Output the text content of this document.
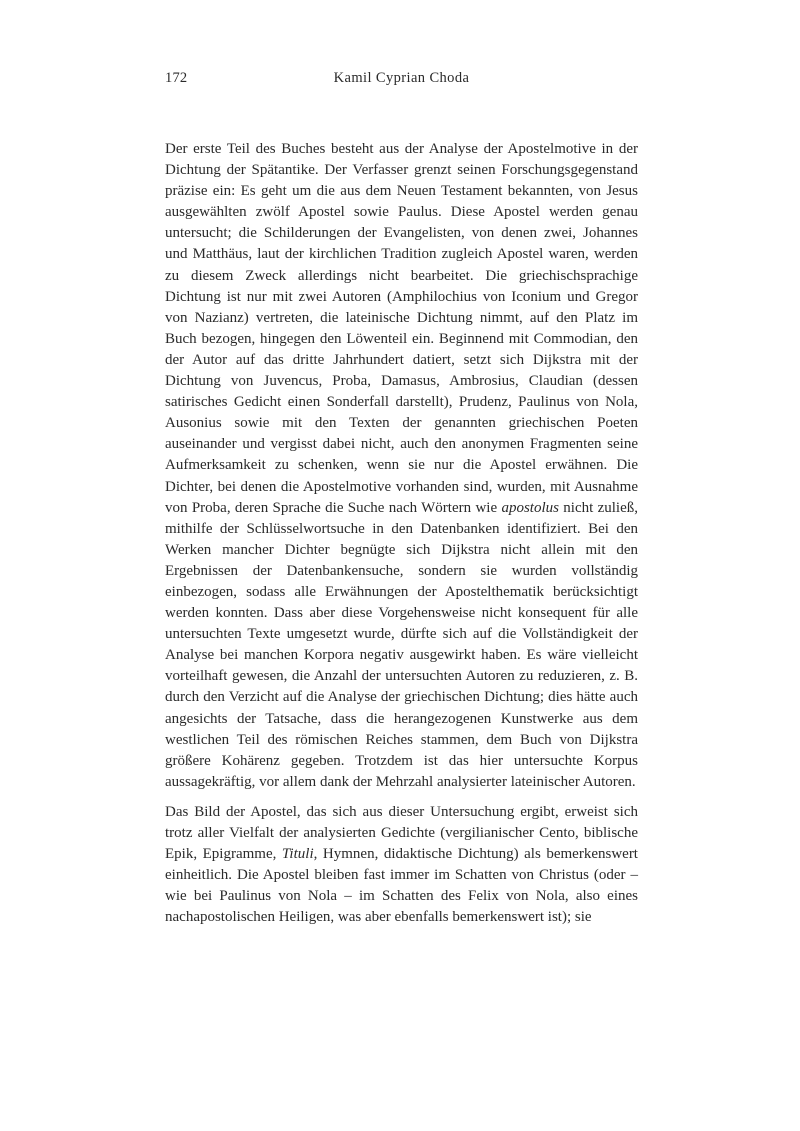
172	Kamil Cyprian Choda

Der erste Teil des Buches besteht aus der Analyse der Apostelmotive in der Dichtung der Spätantike. Der Verfasser grenzt seinen Forschungsgegenstand präzise ein: Es geht um die aus dem Neuen Testament bekannten, von Jesus ausgewählten zwölf Apostel sowie Paulus. Diese Apostel werden genau untersucht; die Schilderungen der Evangelisten, von denen zwei, Johannes und Matthäus, laut der kirchlichen Tradition zugleich Apostel waren, werden zu diesem Zweck allerdings nicht bearbeitet. Die griechischsprachige Dichtung ist nur mit zwei Autoren (Amphilochius von Iconium und Gregor von Nazianz) vertreten, die lateinische Dichtung nimmt, auf den Platz im Buch bezogen, hingegen den Löwenteil ein. Beginnend mit Commodian, den der Autor auf das dritte Jahrhundert datiert, setzt sich Dijkstra mit der Dichtung von Juvencus, Proba, Damasus, Ambrosius, Claudian (dessen satirisches Gedicht einen Sonderfall darstellt), Prudenz, Paulinus von Nola, Ausonius sowie mit den Texten der genannten griechischen Poeten auseinander und vergisst dabei nicht, auch den anonymen Fragmenten seine Aufmerksamkeit zu schenken, wenn sie nur die Apostel erwähnen. Die Dichter, bei denen die Apostelmotive vorhanden sind, wurden, mit Ausnahme von Proba, deren Sprache die Suche nach Wörtern wie apostolus nicht zuließ, mithilfe der Schlüsselwortsuche in den Datenbanken identifiziert. Bei den Werken mancher Dichter begnügte sich Dijkstra nicht allein mit den Ergebnissen der Datenbankensuche, sondern sie wurden vollständig einbezogen, sodass alle Erwähnungen der Apostelthematik berücksichtigt werden konnten. Dass aber diese Vorgehensweise nicht konsequent für alle untersuchten Texte umgesetzt wurde, dürfte sich auf die Vollständigkeit der Analyse bei manchen Korpora negativ ausgewirkt haben. Es wäre vielleicht vorteilhaft gewesen, die Anzahl der untersuchten Autoren zu reduzieren, z. B. durch den Verzicht auf die Analyse der griechischen Dichtung; dies hätte auch angesichts der Tatsache, dass die herangezogenen Kunstwerke aus dem westlichen Teil des römischen Reiches stammen, dem Buch von Dijkstra größere Kohärenz gegeben. Trotzdem ist das hier untersuchte Korpus aussagekräftig, vor allem dank der Mehrzahl analysierter lateinischer Autoren.

Das Bild der Apostel, das sich aus dieser Untersuchung ergibt, erweist sich trotz aller Vielfalt der analysierten Gedichte (vergilianischer Cento, biblische Epik, Epigramme, Tituli, Hymnen, didaktische Dichtung) als bemerkenswert einheitlich. Die Apostel bleiben fast immer im Schatten von Christus (oder – wie bei Paulinus von Nola – im Schatten des Felix von Nola, also eines nachapostolischen Heiligen, was aber ebenfalls bemerkenswert ist); sie
